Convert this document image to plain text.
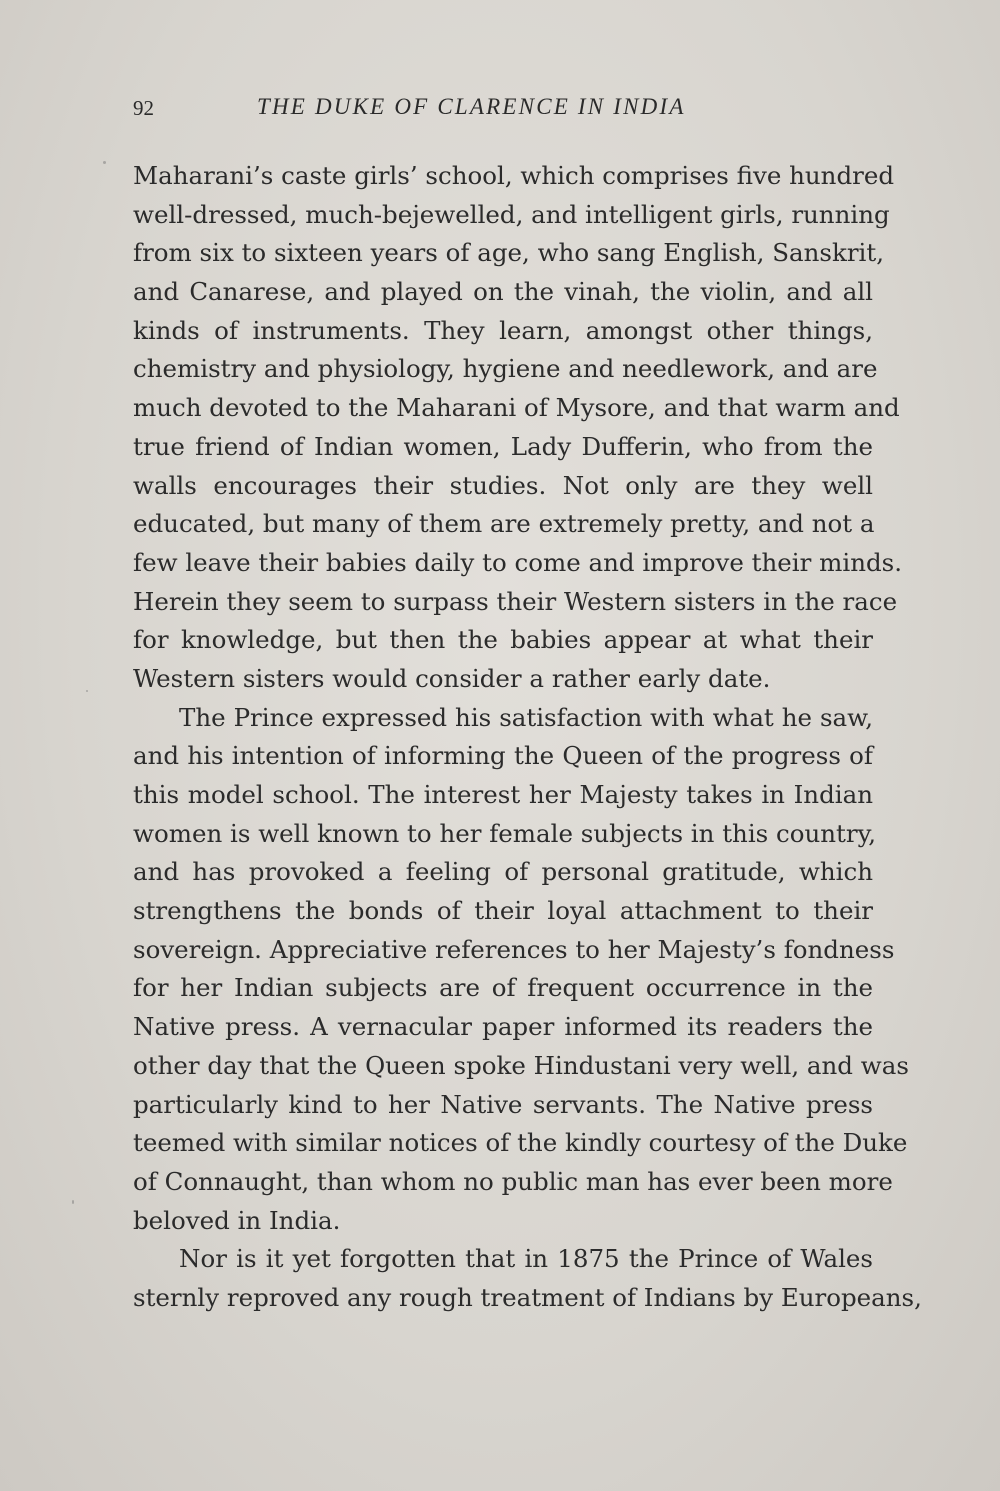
92	THE DUKE OF CLARENCE IN INDIA
Maharani’s caste girls’ school, which comprises five hundred
well-dressed, much-bejewelled, and intelligent girls, running
from six to sixteen years of age, who sang English, Sanskrit,
and Canarese, and played on the vinah, the violin, and all
kinds of instruments. They learn, amongst other things,
chemistry and physiology, hygiene and needlework, and are
much devoted to the Maharani of Mysore, and that warm and
true friend of Indian women, Lady Dufferin, who from the
walls encourages their studies. Not only are they well
educated, but many of them are extremely pretty, and not a
few leave their babies daily to come and improve their minds.
Herein they seem to surpass their Western sisters in the race
for knowledge, but then the babies appear at what their
Western sisters would consider a rather early date.
The Prince expressed his satisfaction with what he saw,
and his intention of informing the Queen of the progress of
this model school. The interest her Majesty takes in Indian
women is well known to her female subjects in this country,
and has provoked a feeling of personal gratitude, which
strengthens the bonds of their loyal attachment to their
sovereign. Appreciative references to her Majesty’s fondness
for her Indian subjects are of frequent occurrence in the
Native press. A vernacular paper informed its readers the
other day that the Queen spoke Hindustani very well, and was
particularly kind to her Native servants. The Native press
teemed with similar notices of the kindly courtesy of the Duke
of Connaught, than whom no public man has ever been more
beloved in India.
Nor is it yet forgotten that in 1875 the Prince of Wales
sternly reproved any rough treatment of Indians by Europeans,
